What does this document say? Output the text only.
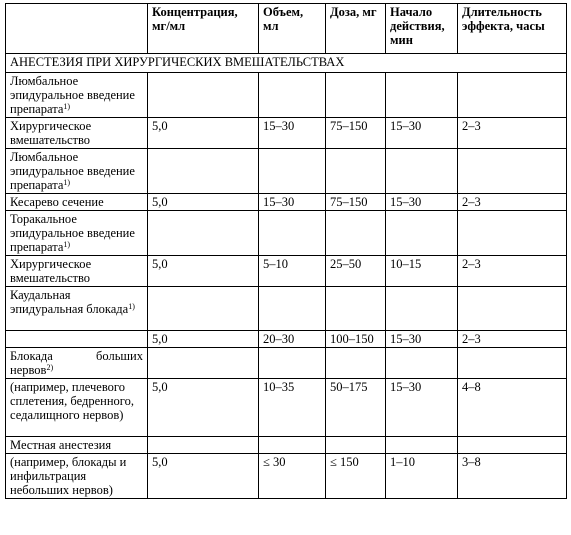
	Концентрация, мг/мл	Объем, мл	Доза, мг	Начало действия, мин	Длительность эффекта, часы
АНЕСТЕЗИЯ ПРИ ХИРУРГИЧЕСКИХ ВМЕШАТЕЛЬСТВАХ					
Люмбальное эпидуральное введение препарата$^{1)}$					
Хирургическое вмешательство	5,0	15–30	75–150	15–30	2–3
Люмбальное эпидуральное введение препарата$^{1)}$					
Кесарево сечение	5,0	15–30	75–150	15–30	2–3
Торакальное эпидуральное введение препарата$^{1)}$					
Хирургическое вмешательство	5,0	5–10	25–50	10–15	2–3
Каудальная эпидуральная блокада$^{1)}$					
	5,0	20–30	100–150	15–30	2–3

Блокада больших
нервов$^{2)}$					
(например, плечевого сплетения, бедренного, седалищного нервов)	5,0	10–35	50–175	15–30	4–8
Местная анестезия					
(например, блокады и инфильтрация небольших нервов)	5,0	≤ 30	≤ 150	1–10	3–8
